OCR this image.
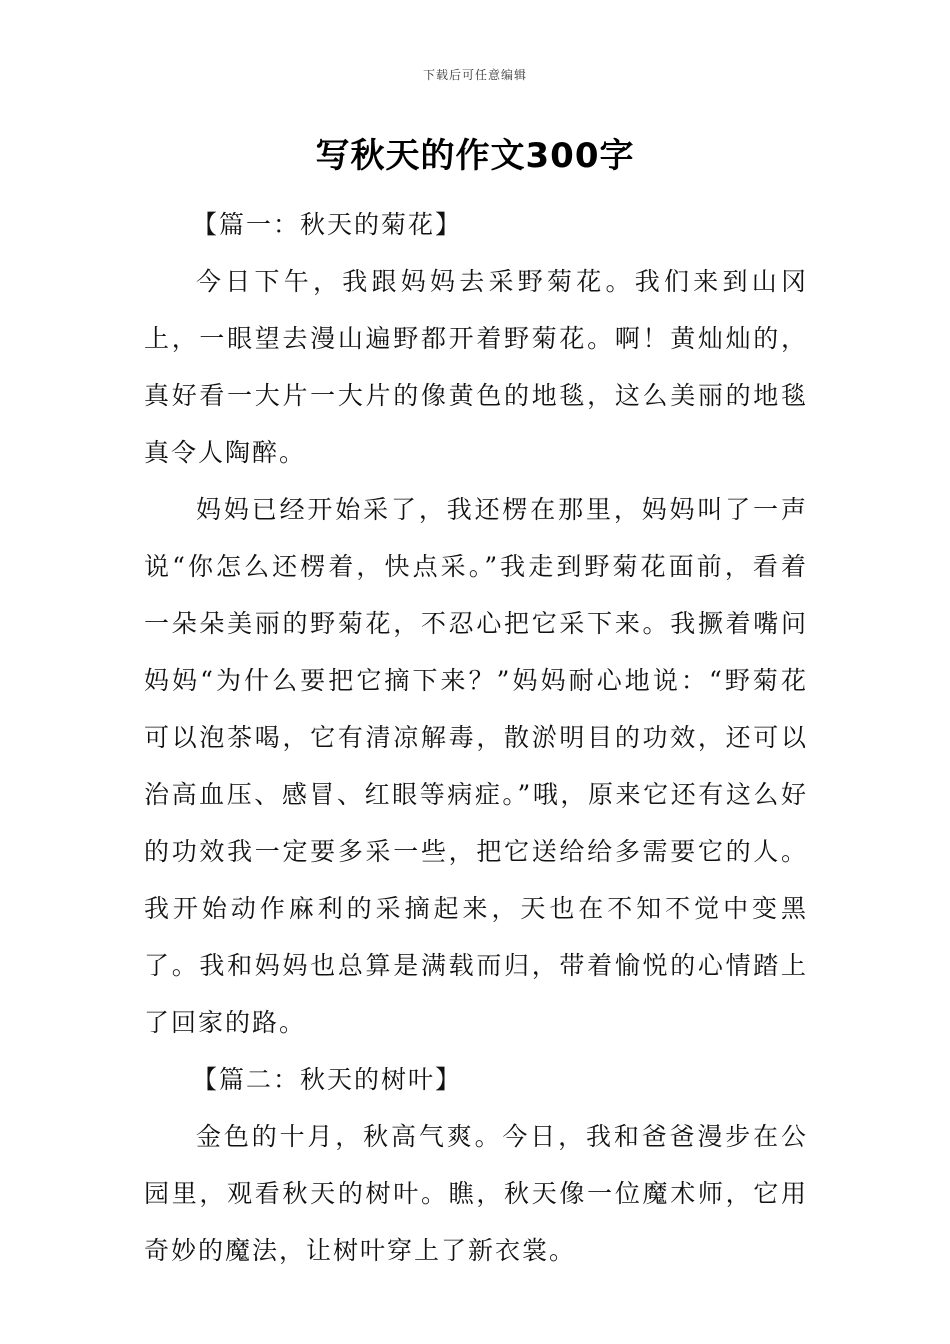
下载后可任意编辑
写秋天的作文300字

【篇一：秋天的菊花】

今日下午，我跟妈妈去采野菊花。我们来到山冈上，一眼望去漫山遍野都开着野菊花。啊！黄灿灿的，真好看一大片一大片的像黄色的地毯，这么美丽的地毯真令人陶醉。

妈妈已经开始采了，我还楞在那里，妈妈叫了一声说“你怎么还楞着，快点采。”我走到野菊花面前，看着一朵朵美丽的野菊花，不忍心把它采下来。我撅着嘴问妈妈“为什么要把它摘下来？”妈妈耐心地说：“野菊花可以泡茶喝，它有清凉解毒，散淤明目的功效，还可以治高血压、感冒、红眼等病症。”哦，原来它还有这么好的功效我一定要多采一些，把它送给给多需要它的人。我开始动作麻利的采摘起来，天也在不知不觉中变黑了。我和妈妈也总算是满载而归，带着愉悦的心情踏上了回家的路。

【篇二：秋天的树叶】

金色的十月，秋高气爽。今日，我和爸爸漫步在公园里，观看秋天的树叶。瞧，秋天像一位魔术师，它用奇妙的魔法，让树叶穿上了新衣裳。
